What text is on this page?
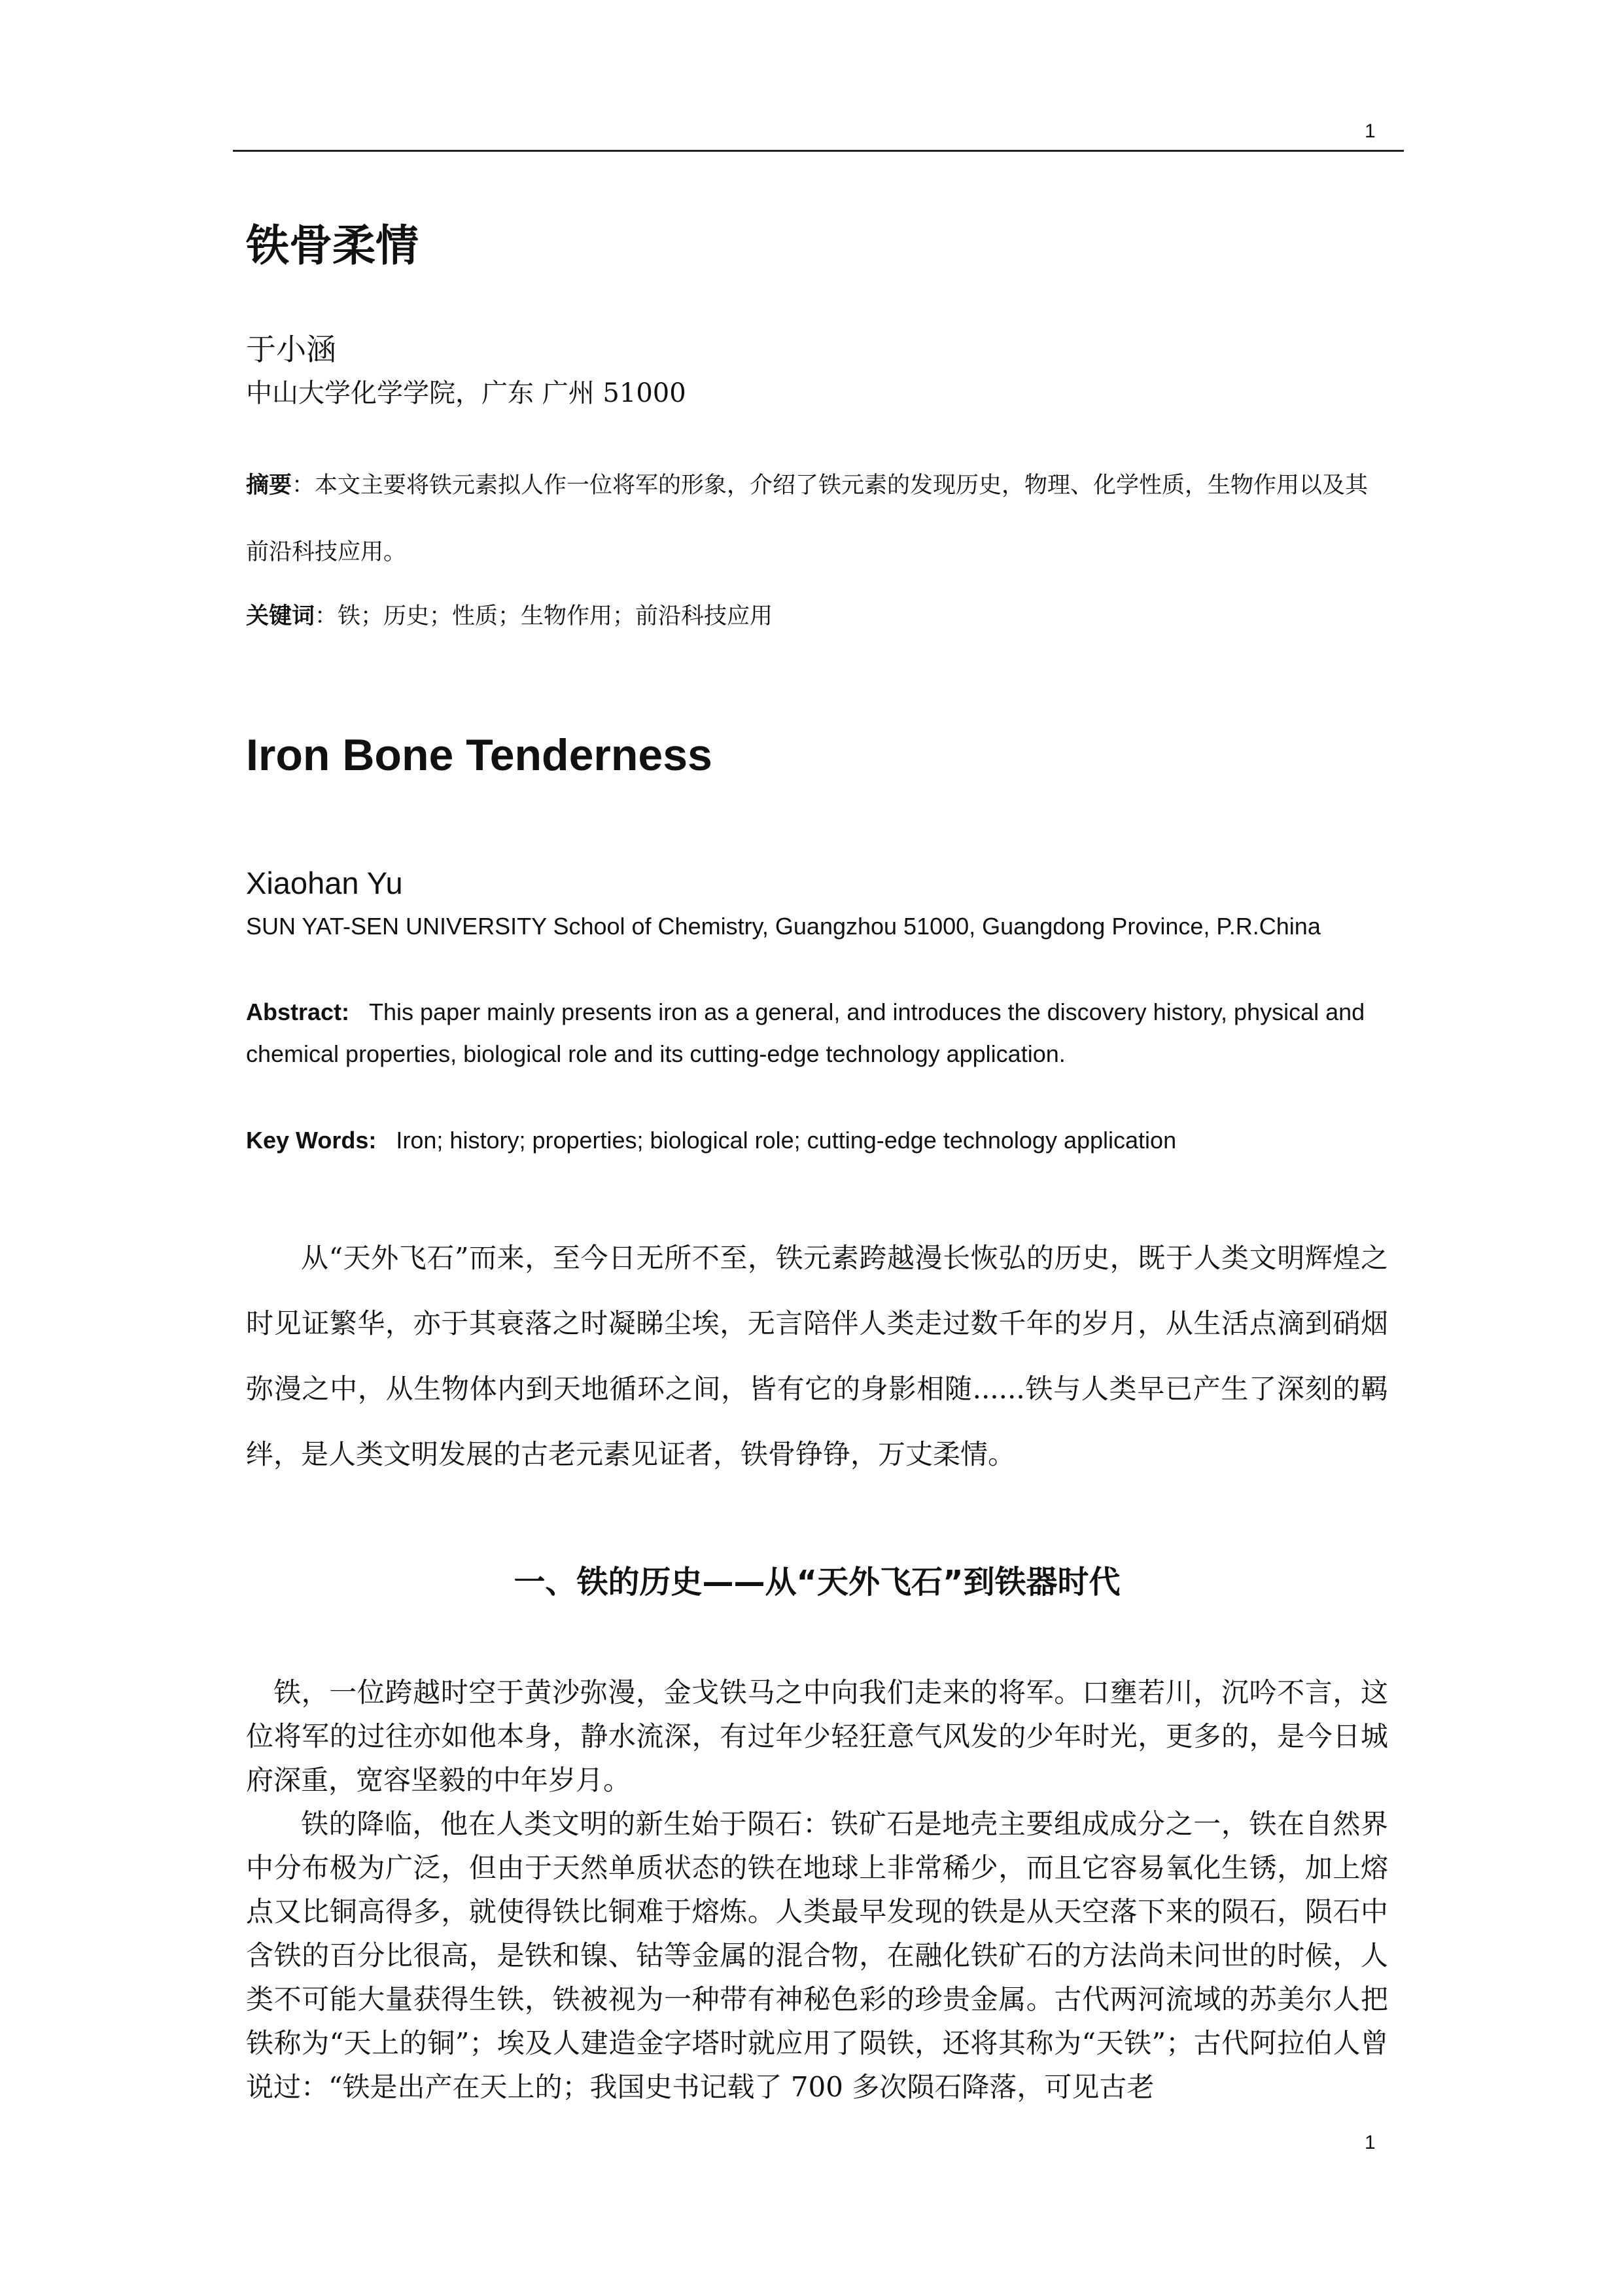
1
铁骨柔情
于小涵
中山大学化学学院，广东 广州 51000
摘要：本文主要将铁元素拟人作一位将军的形象，介绍了铁元素的发现历史，物理、化学性质，生物作用以及其前沿科技应用。
关键词：铁；历史；性质；生物作用；前沿科技应用
Iron Bone Tenderness
Xiaohan Yu
SUN YAT-SEN UNIVERSITY School of Chemistry, Guangzhou 51000, Guangdong Province, P.R.China
Abstract: This paper mainly presents iron as a general, and introduces the discovery history, physical and chemical properties, biological role and its cutting-edge technology application.
Key Words: Iron; history; properties; biological role; cutting-edge technology application

从“天外飞石”而来，至今日无所不至，铁元素跨越漫长恢弘的历史，既于人类文明辉煌之时见证繁华，亦于其衰落之时凝睇尘埃，无言陪伴人类走过数千年的岁月，从生活点滴到硝烟弥漫之中，从生物体内到天地循环之间，皆有它的身影相随......铁与人类早已产生了深刻的羁绊，是人类文明发展的古老元素见证者，铁骨铮铮，万丈柔情。

一、铁的历史——从“天外飞石”到铁器时代

铁，一位跨越时空于黄沙弥漫，金戈铁马之中向我们走来的将军。口壅若川，沉吟不言，这位将军的过往亦如他本身，静水流深，有过年少轻狂意气风发的少年时光，更多的，是今日城府深重，宽容坚毅的中年岁月。

铁的降临，他在人类文明的新生始于陨石：铁矿石是地壳主要组成成分之一，铁在自然界中分布极为广泛，但由于天然单质状态的铁在地球上非常稀少，而且它容易氧化生锈，加上熔点又比铜高得多，就使得铁比铜难于熔炼。人类最早发现的铁是从天空落下来的陨石，陨石中含铁的百分比很高，是铁和镍、钴等金属的混合物，在融化铁矿石的方法尚未问世的时候，人类不可能大量获得生铁，铁被视为一种带有神秘色彩的珍贵金属。古代两河流域的苏美尔人把铁称为“天上的铜”；埃及人建造金字塔时就应用了陨铁，还将其称为“天铁”；古代阿拉伯人曾说过：“铁是出产在天上的；我国史书记载了 700 多次陨石降落，可见古老

1
